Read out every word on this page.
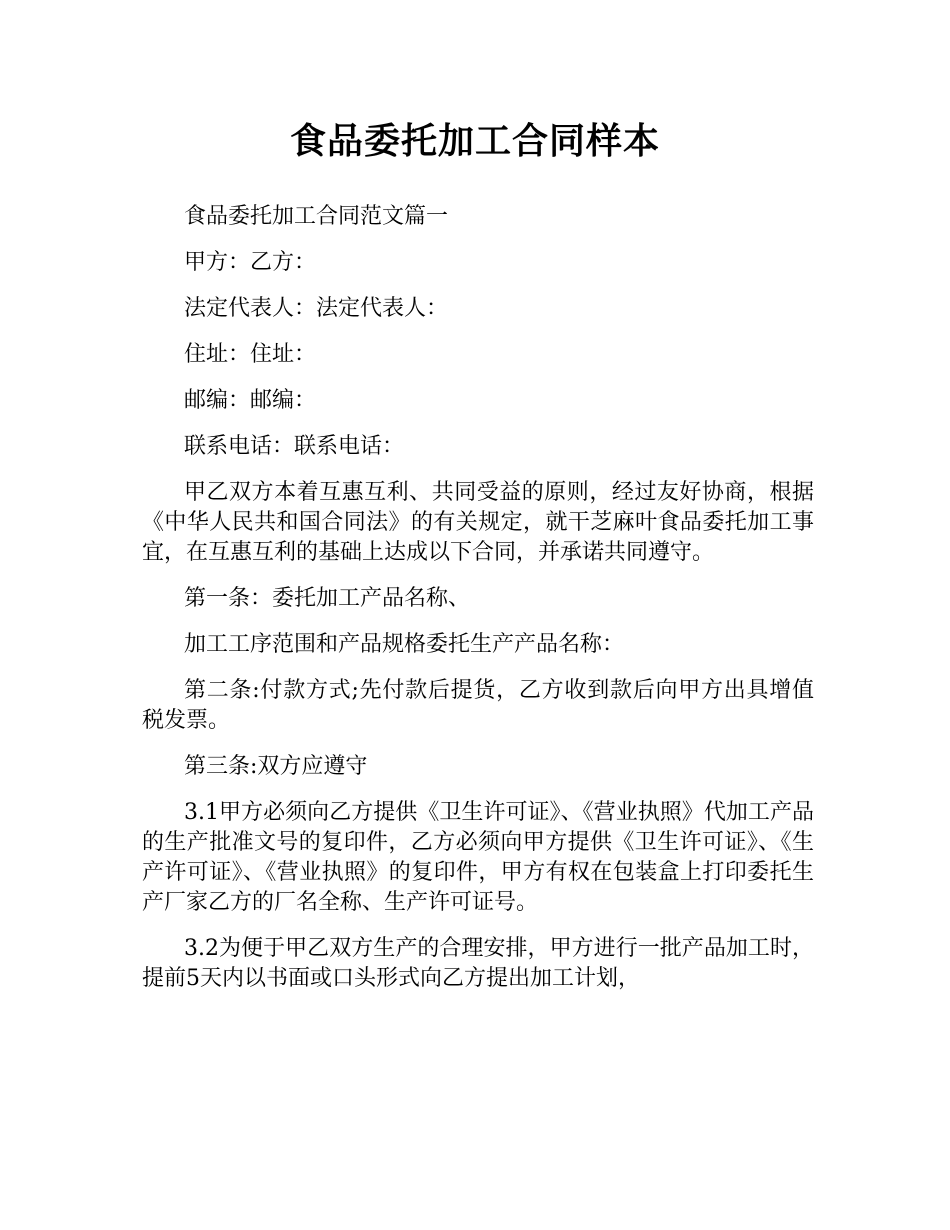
食品委托加工合同样本

食品委托加工合同范文篇一

甲方：乙方：

法定代表人：法定代表人：

住址：住址：

邮编：邮编：

联系电话：联系电话：

甲乙双方本着互惠互利、共同受益的原则，经过友好协商，根据《中华人民共和国合同法》的有关规定，就干芝麻叶食品委托加工事宜，在互惠互利的基础上达成以下合同，并承诺共同遵守。

第一条：委托加工产品名称、

加工工序范围和产品规格委托生产产品名称：

第二条:付款方式;先付款后提货，乙方收到款后向甲方出具增值税发票。

第三条:双方应遵守

3.1甲方必须向乙方提供《卫生许可证》、《营业执照》代加工产品的生产批准文号的复印件，乙方必须向甲方提供《卫生许可证》、《生产许可证》、《营业执照》的复印件，甲方有权在包装盒上打印委托生产厂家乙方的厂名全称、生产许可证号。

3.2为便于甲乙双方生产的合理安排，甲方进行一批产品加工时，提前5天内以书面或口头形式向乙方提出加工计划，
